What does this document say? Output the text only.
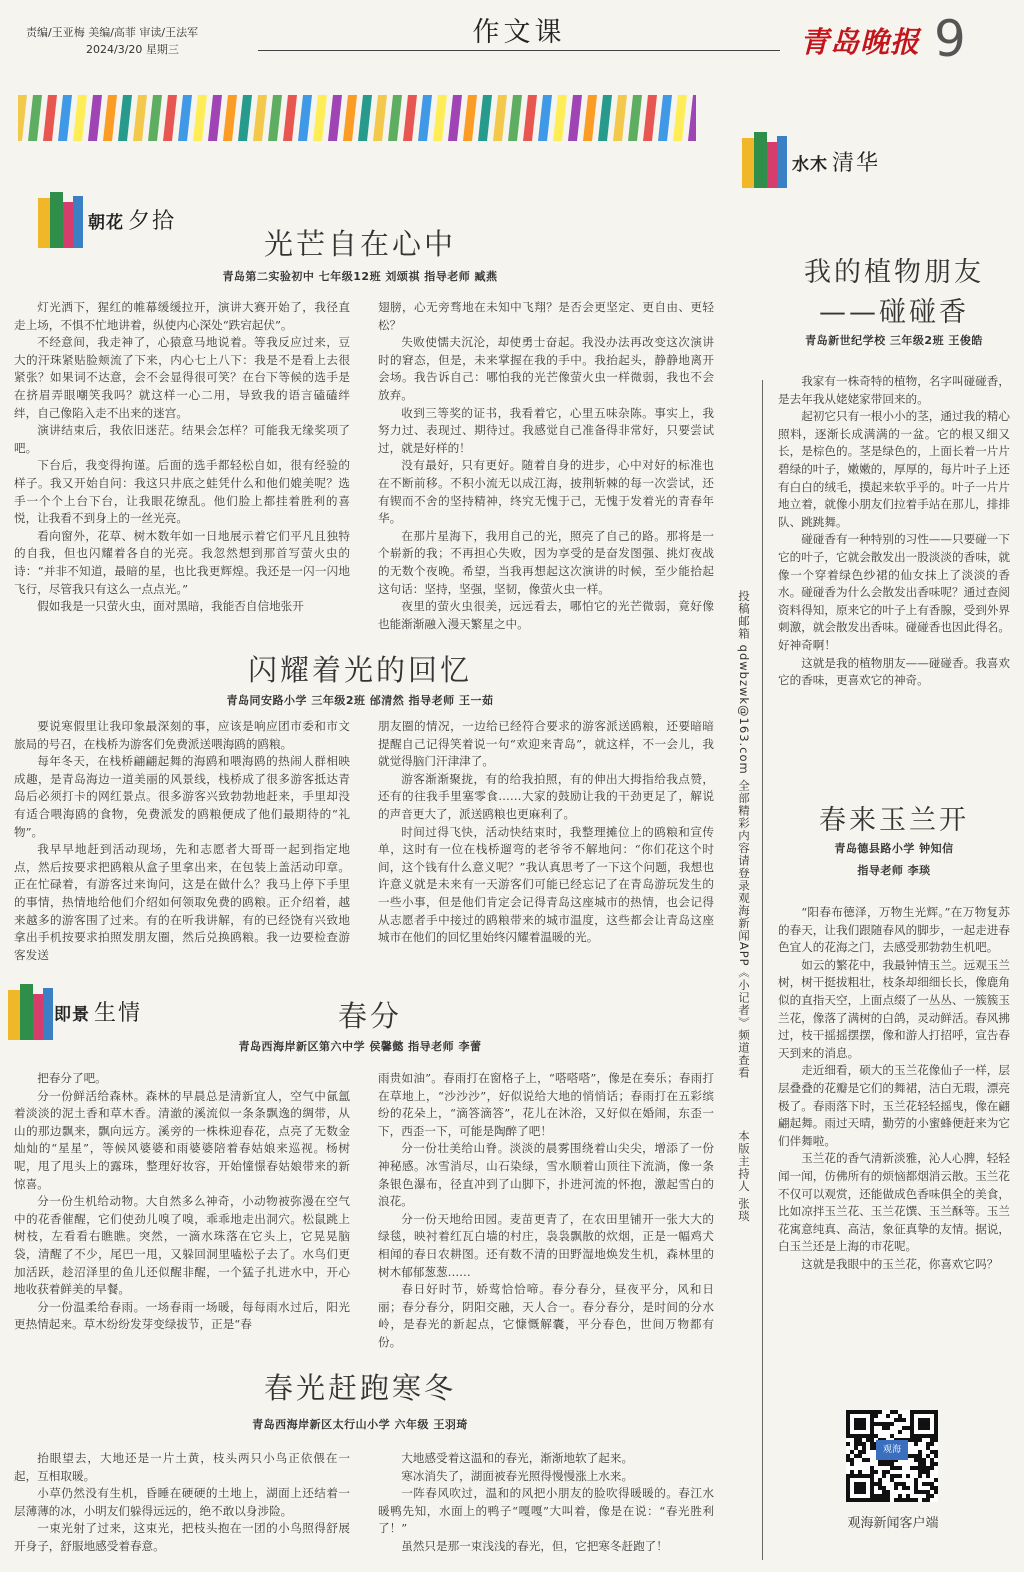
责编/王亚梅 美编/高菲 审读/王法军
2024/3/20 星期三
作文课	青岛晚报 9
朝花 夕拾
光芒自在心中
青岛第二实验初中 七年级12班 刘颂祺 指导老师 臧燕

灯光洒下，猩红的帷幕缓缓拉开，演讲大赛开始了，我径直走上场，不惧不忙地讲着，纵使内心深处“跌宕起伏”。

不经意间，我走神了，心猿意马地说着。等我反应过来，豆大的汗珠紧贴脸颊流了下来，内心七上八下：我是不是看上去很紧张？如果词不达意，会不会显得很可笑？在台下等候的选手是在挤眉弄眼嘲笑我吗？就这样一心二用，导致我的语言磕磕绊绊，自己像陷入走不出来的迷宫。

演讲结束后，我依旧迷茫。结果会怎样？可能我无缘奖项了吧。

下台后，我变得拘谨。后面的选手都轻松自如，很有经验的样子。我又开始自问：我这只井底之蛙凭什么和他们媲美呢？选手一个个上台下台，让我眼花缭乱。他们脸上都挂着胜利的喜悦，让我看不到身上的一丝光亮。

看向窗外，花草、树木数年如一日地展示着它们平凡且独特的自我，但也闪耀着各自的光亮。我忽然想到那首写萤火虫的诗：“并非不知道，最暗的星，也比我更辉煌。我还是一闪一闪地飞行，尽管我只有这么一点点光。”

假如我是一只萤火虫，面对黑暗，我能否自信地张开

翅膀，心无旁骛地在未知中飞翔？是否会更坚定、更自由、更轻松？

失败使懦夫沉沦，却使勇士奋起。我没办法再改变这次演讲时的窘态，但是，未来掌握在我的手中。我抬起头，静静地离开会场。我告诉自己：哪怕我的光芒像萤火虫一样微弱，我也不会放弃。

收到三等奖的证书，我看着它，心里五味杂陈。事实上，我努力过、表现过、期待过。我感觉自己准备得非常好，只要尝试过，就是好样的！

没有最好，只有更好。随着自身的进步，心中对好的标准也在不断前移。不积小流无以成江海，披荆斩棘的每一次尝试，还有锲而不舍的坚持精神，终究无愧于己，无愧于发着光的青春年华。

在那片星海下，我用自己的光，照亮了自己的路。那将是一个崭新的我；不再担心失败，因为享受的是奋发图强、挑灯夜战的无数个夜晚。希望，当我再想起这次演讲的时候，至少能拾起这句话：坚持，坚强，坚韧，像萤火虫一样。

夜里的萤火虫很美，远远看去，哪怕它的光芒微弱，竟好像也能渐渐融入漫天繁星之中。

闪耀着光的回忆
青岛同安路小学 三年级2班 邰清然 指导老师 王一茹

要说寒假里让我印象最深刻的事，应该是响应团市委和市文旅局的号召，在栈桥为游客们免费派送喂海鸥的鸥粮。

每年冬天，在栈桥翩翩起舞的海鸥和喂海鸥的热闹人群相映成趣，是青岛海边一道美丽的风景线，栈桥成了很多游客抵达青岛后必须打卡的网红景点。很多游客兴致勃勃地赶来，手里却没有适合喂海鸥的食物，免费派发的鸥粮便成了他们最期待的“礼物”。

我早早地赶到活动现场，先和志愿者大哥哥一起到指定地点，然后按要求把鸥粮从盒子里拿出来，在包装上盖活动印章。正在忙碌着，有游客过来询问，这是在做什么？我马上停下手里的事情，热情地给他们介绍如何领取免费的鸥粮。正介绍着，越来越多的游客围了过来。有的在听我讲解，有的已经饶有兴致地拿出手机按要求拍照发朋友圈，然后兑换鸥粮。我一边要检查游客发送

朋友圈的情况，一边给已经符合要求的游客派送鸥粮，还要暗暗提醒自己记得笑着说一句“欢迎来青岛”，就这样，不一会儿，我就觉得脑门汗津津了。

游客渐渐聚拢，有的给我拍照，有的伸出大拇指给我点赞，还有的往我手里塞零食……大家的鼓励让我的干劲更足了，解说的声音更大了，派送鸥粮也更麻利了。

时间过得飞快，活动快结束时，我整理摊位上的鸥粮和宣传单，这时有一位在栈桥遛弯的老爷爷不解地问：“你们花这个时间，这个钱有什么意义呢？”我认真思考了一下这个问题，我想也许意义就是未来有一天游客们可能已经忘记了在青岛游玩发生的一些小事，但是他们肯定会记得青岛这座城市的热情，也会记得从志愿者手中接过的鸥粮带来的城市温度，这些都会让青岛这座城市在他们的回忆里始终闪耀着温暖的光。

即景 生情	春分
青岛西海岸新区第六中学 侯馨懿 指导老师 李蕾

把春分了吧。

分一份鲜活给森林。森林的早晨总是清新宜人，空气中氤氲着淡淡的泥土香和草木香。清澈的溪流似一条条飘逸的绸带，从山的那边飘来，飘向远方。溪旁的一株株迎春花，点亮了无数金灿灿的“星星”，等候风婆婆和雨婆婆陪着春姑娘来巡视。杨树呢，甩了甩头上的露珠，整理好妆容，开始憧憬春姑娘带来的新惊喜。

分一份生机给动物。大自然多么神奇，小动物被弥漫在空气中的花香催醒，它们使劲儿嗅了嗅，乖乖地走出洞穴。松鼠跳上树枝，左看看右瞧瞧。突然，一滴水珠落在它头上，它晃晃脑袋，清醒了不少，尾巴一甩，又躲回洞里嗑松子去了。水鸟们更加活跃，趁沼泽里的鱼儿还似醒非醒，一个猛子扎进水中，开心地收获着鲜美的早餐。

分一份温柔给春雨。一场春雨一场暖，每每雨水过后，阳光更热情起来。草木纷纷发芽变绿拔节，正是“春

雨贵如油”。春雨打在窗格子上，“嗒嗒嗒”，像是在奏乐；春雨打在草地上，“沙沙沙”，好似说给大地的悄悄话；春雨打在五彩缤纷的花朵上，“滴答滴答”，花儿在沐浴，又好似在婚闹，东歪一下，西歪一下，可能是陶醉了吧！

分一份壮美给山脊。淡淡的晨雾围绕着山尖尖，增添了一份神秘感。冰雪消尽，山石染绿，雪水顺着山顶往下流淌，像一条条银色瀑布，径直冲到了山脚下，扑进河流的怀抱，激起雪白的浪花。

分一份天地给田园。麦苗更青了，在农田里铺开一张大大的绿毯，映衬着红瓦白墙的村庄，袅袅飘散的炊烟，正是一幅鸡犬相闻的春日农耕图。还有数不清的田野湿地焕发生机，森林里的树木郁郁葱葱……

春日好时节，娇莺恰恰啼。春分春分，昼夜平分，风和日丽；春分春分，阴阳交融，天人合一。春分春分，是时间的分水岭，是春光的新起点，它慷慨解囊，平分春色，世间万物都有份。

春光赶跑寒冬
青岛西海岸新区太行山小学 六年级 王羽琦

抬眼望去，大地还是一片土黄，枝头两只小鸟正依偎在一起，互相取暖。

小草仍然没有生机，昏睡在硬硬的土地上，湖面上还结着一层薄薄的冰，小明友们躲得远远的，绝不敢以身涉险。

一束光射了过来，这束光，把枝头抱在一团的小鸟照得舒展开身子，舒服地感受着春意。

大地感受着这温和的春光，渐渐地软了起来。

寒冰消失了，湖面被春光照得慢慢涨上水来。

一阵春风吹过，温和的风把小朋友的脸吹得暖暖的。春江水暖鸭先知，水面上的鸭子“嘎嘎”大叫着，像是在说：“春光胜利了！”

虽然只是那一束浅浅的春光，但，它把寒冬赶跑了！

投稿邮箱 qdwbzwk@163.com 全部精彩内容请登录观海新闻APP《小记者》频道查看
本版主持人 张琰
水木 清华
我的植物朋友
——碰碰香
青岛新世纪学校 三年级2班 王俊皓

我家有一株奇特的植物，名字叫碰碰香，是去年我从姥姥家带回来的。

起初它只有一根小小的茎，通过我的精心照料，逐渐长成满满的一盆。它的根又细又长，是棕色的。茎是绿色的，上面长着一片片碧绿的叶子，嫩嫩的，厚厚的，每片叶子上还有白白的绒毛，摸起来软乎乎的。叶子一片片地立着，就像小朋友们拉着手站在那儿，排排队、跳跳舞。

碰碰香有一种特别的习性——只要碰一下它的叶子，它就会散发出一股淡淡的香味，就像一个穿着绿色纱裙的仙女抹上了淡淡的香水。碰碰香为什么会散发出香味呢？通过查阅资料得知，原来它的叶子上有香腺，受到外界刺激，就会散发出香味。碰碰香也因此得名。好神奇啊！

这就是我的植物朋友——碰碰香。我喜欢它的香味，更喜欢它的神奇。

春来玉兰开
青岛德县路小学 钟知信
指导老师 李琰

“阳春布德泽，万物生光辉。”在万物复苏的春天，让我们跟随春风的脚步，一起走进春色宜人的花海之门，去感受那勃勃生机吧。

如云的繁花中，我最钟情玉兰。远观玉兰树，树干挺拔粗壮，枝条却细细长长，像鹿角似的直指天空，上面点缀了一丛丛、一簇簇玉兰花，像落了满树的白鸽，灵动鲜活。春风拂过，枝干摇摇摆摆，像和游人打招呼，宣告春天到来的消息。

走近细看，硕大的玉兰花像仙子一样，层层叠叠的花瓣是它们的舞裙，洁白无瑕，漂亮极了。春雨落下时，玉兰花轻轻摇曳，像在翩翩起舞。雨过天晴，勤劳的小蜜蜂便赶来为它们伴舞啦。

玉兰花的香气清新淡雅，沁人心脾，轻轻闻一闻，仿佛所有的烦恼都烟消云散。玉兰花不仅可以观赏，还能做成色香味俱全的美食，比如凉拌玉兰花、玉兰花馔、玉兰酥等。玉兰花寓意纯真、高洁，象征真挚的友情。据说，白玉兰还是上海的市花呢。

这就是我眼中的玉兰花，你喜欢它吗？

观海
观海新闻客户端
